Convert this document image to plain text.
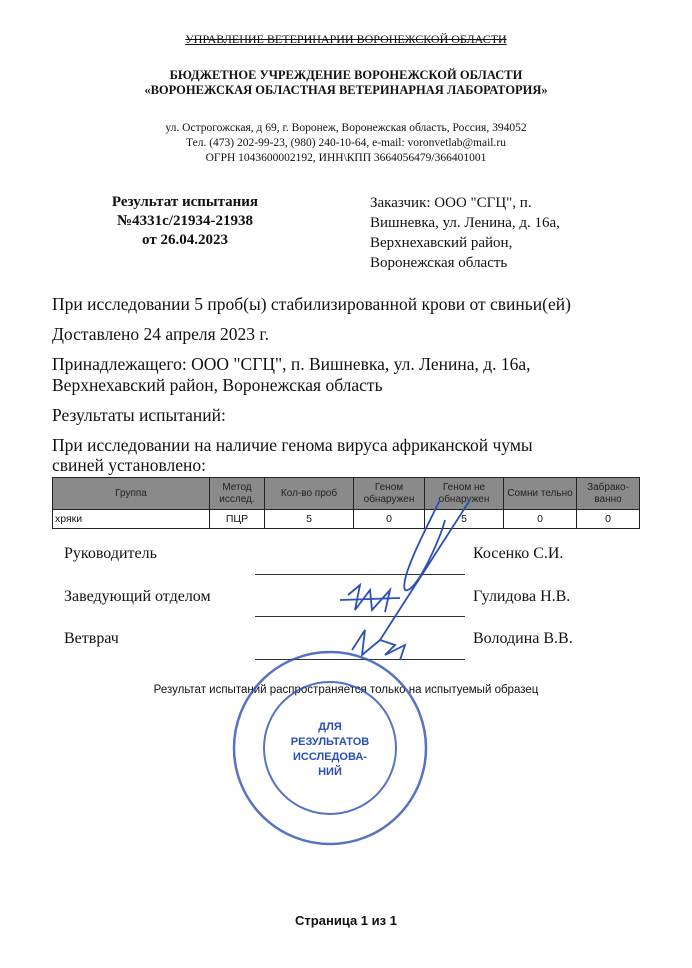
УПРАВЛЕНИЕ ВЕТЕРИНАРИИ ВОРОНЕЖСКОЙ ОБЛАСТИ
БЮДЖЕТНОЕ УЧРЕЖДЕНИЕ ВОРОНЕЖСКОЙ ОБЛАСТИ
«ВОРОНЕЖСКАЯ ОБЛАСТНАЯ ВЕТЕРИНАРНАЯ ЛАБОРАТОРИЯ»
ул. Острогожская, д 69, г. Воронеж, Воронежская область, Россия, 394052
Тел. (473) 202-99-23, (980) 240-10-64, e-mail: voronvetlab@mail.ru
ОГРН 1043600002192, ИНН\КПП 3664056479/366401001
Результат испытания
№4331с/21934-21938
от 26.04.2023
Заказчик: ООО "СГЦ", п.
Вишневка, ул. Ленина, д. 16а,
Верхнехавский район,
Воронежская область
При исследовании 5 проб(ы) стабилизированной крови от свиньи(ей)
Доставлено 24 апреля 2023 г.
Принадлежащего: ООО "СГЦ", п. Вишневка, ул. Ленина, д. 16а,
Верхнехавский район, Воронежская область
Результаты испытаний:
При исследовании на наличие генома вируса африканской чумы
свиней установлено:
Группа	Метод исслед.	Кол-во проб	Геном обнаружен	Геном не обнаружен	Сомни тельно	Забрако-ванно
хряки	ПЦР	5	0	5	0	0
Руководитель	Косенко С.И.
Заведующий отделом	Гулидова Н.В.
Ветврач	Володина В.В.
Результат испытаний распространяется только на испытуемый образец
ДЛЯ
РЕЗУЛЬТАТОВ
ИССЛЕДОВА-
НИЙ
Страница 1 из 1
